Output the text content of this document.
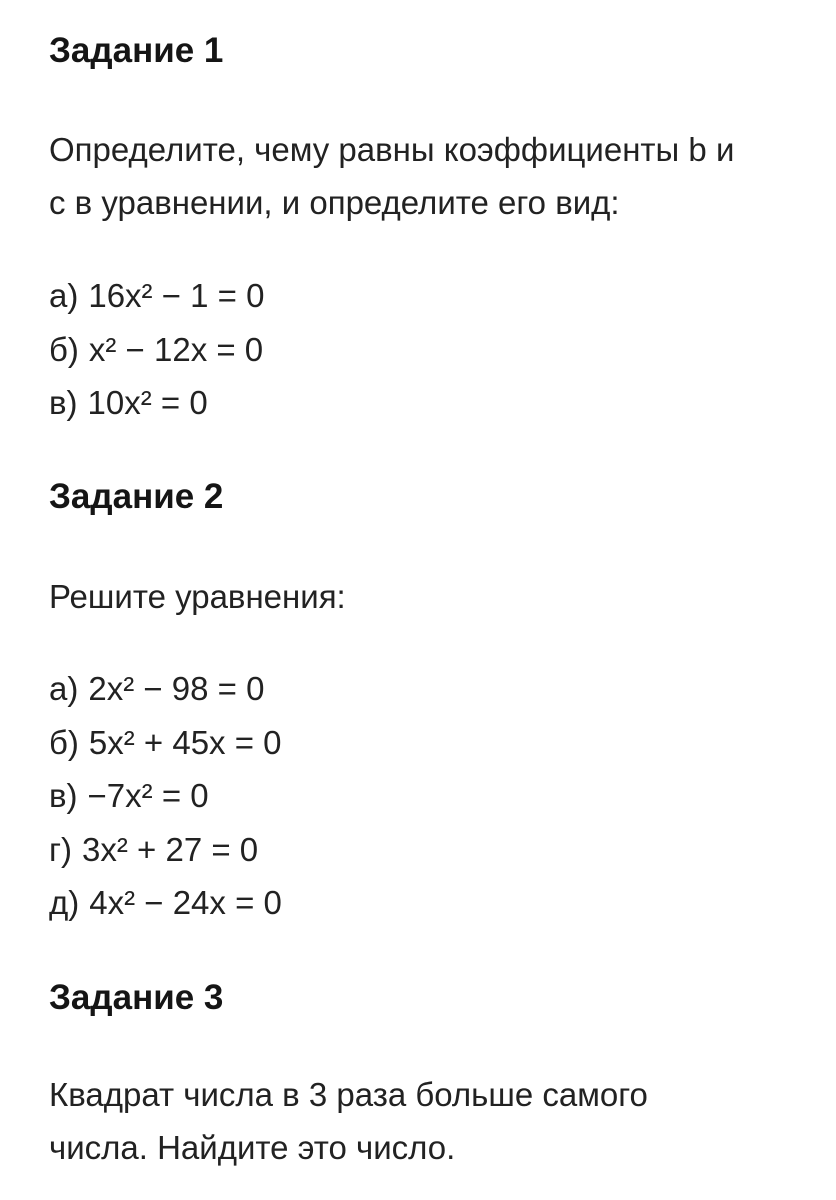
Задание 1
Определите, чему равны коэффициенты b и
с в уравнении, и определите его вид:
а) 16x² − 1 = 0
б) x² − 12x = 0
в) 10x² = 0
Задание 2
Решите уравнения:
а) 2x² − 98 = 0
б) 5x² + 45x = 0
в) −7x² = 0
г) 3x² + 27 = 0
д) 4x² − 24x = 0
Задание 3
Квадрат числа в 3 раза больше самого
числа. Найдите это число.
